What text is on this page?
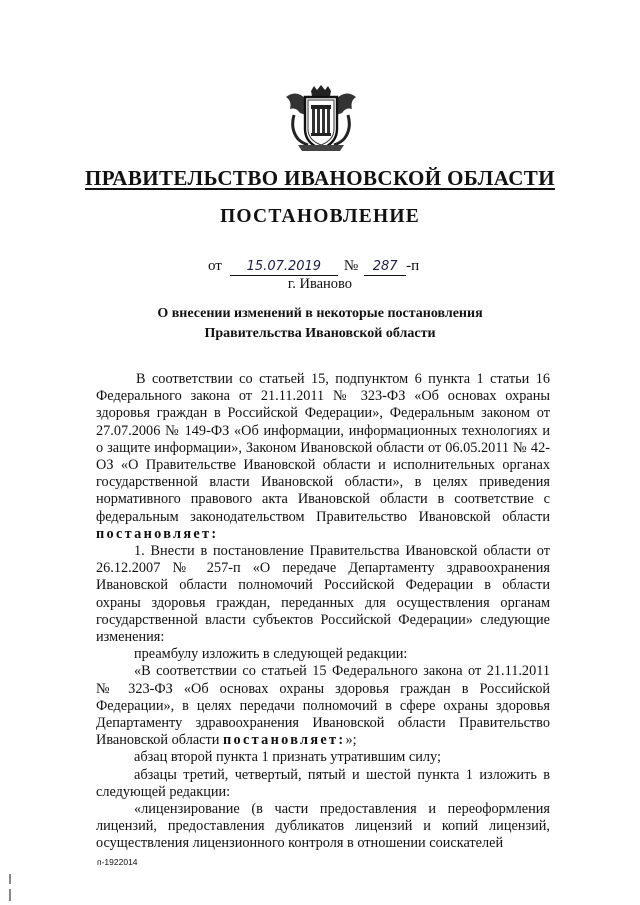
ПРАВИТЕЛЬСТВО ИВАНОВСКОЙ ОБЛАСТИ
ПОСТАНОВЛЕНИЕ
от	15.07.2019	№	287 -п
г. Иваново
О внесении изменений в некоторые постановления
Правительства Ивановской области

В соответствии со статьей 15, подпунктом 6 пункта 1 статьи 16 Федерального закона от 21.11.2011 № 323-ФЗ «Об основах охраны здоровья граждан в Российской Федерации», Федеральным законом от 27.07.2006 № 149-ФЗ «Об информации, информационных технологиях и о защите информации», Законом Ивановской области от 06.05.2011 № 42-ОЗ «О Правительстве Ивановской области и исполнительных органах государственной власти Ивановской области», в целях приведения нормативного правового акта Ивановской области в соответствие с федеральным законодательством Правительство Ивановской области постановляет:

1. Внести в постановление Правительства Ивановской области от 26.12.2007 № 257-п «О передаче Департаменту здравоохранения Ивановской области полномочий Российской Федерации в области охраны здоровья граждан, переданных для осуществления органам государственной власти субъектов Российской Федерации» следующие изменения:

преамбулу изложить в следующей редакции:

«В соответствии со статьей 15 Федерального закона от 21.11.2011 № 323-ФЗ «Об основах охраны здоровья граждан в Российской Федерации», в целях передачи полномочий в сфере охраны здоровья Департаменту здравоохранения Ивановской области Правительство Ивановской области постановляет:»;

абзац второй пункта 1 признать утратившим силу;

абзацы третий, четвертый, пятый и шестой пункта 1 изложить в следующей редакции:

«лицензирование (в части предоставления и переоформления лицензий, предоставления дубликатов лицензий и копий лицензий, осуществления лицензионного контроля в отношении соискателей

п-1922014
